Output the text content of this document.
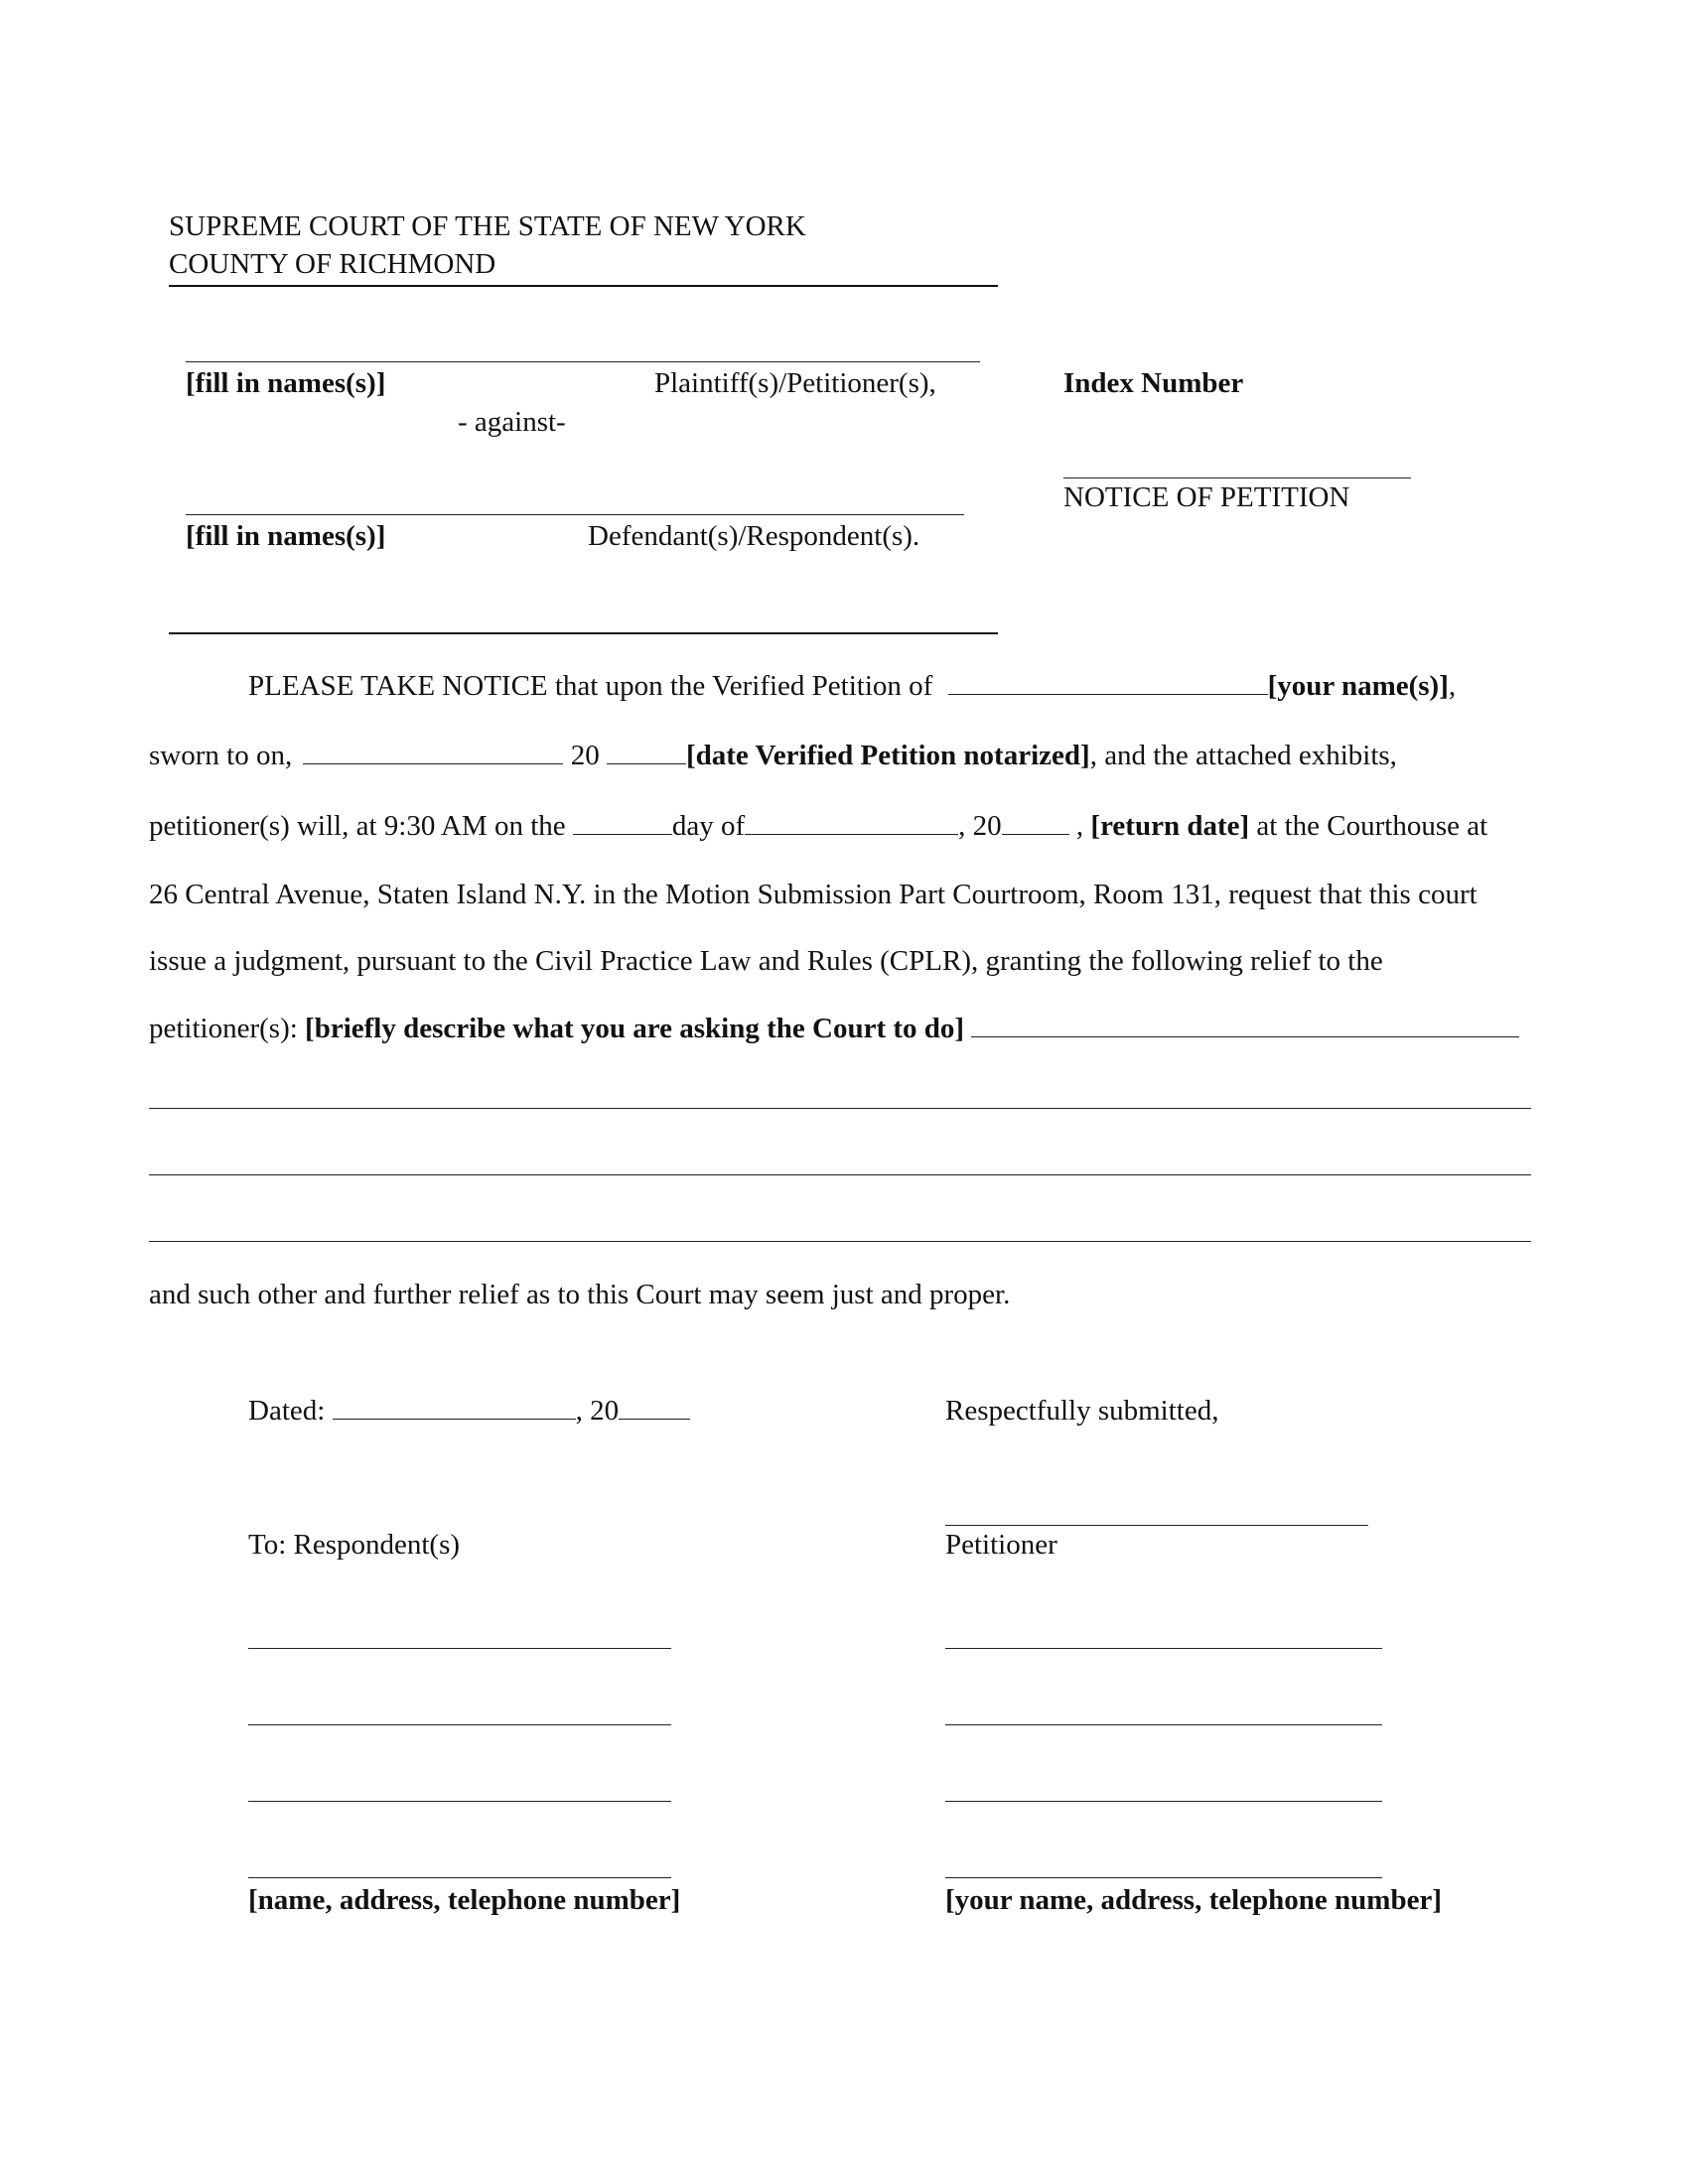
SUPREME COURT OF THE STATE OF NEW YORK
COUNTY OF RICHMOND
[fill in names(s)]	Plaintiff(s)/Petitioner(s),
- against-
[fill in names(s)]	Defendant(s)/Respondent(s).
Index Number
NOTICE OF PETITION
PLEASE TAKE NOTICE that upon the Verified Petition of	[your name(s)],
sworn to on,	20	[date Verified Petition notarized], and the attached exhibits,
petitioner(s) will, at 9:30 AM on the	day of	, 20	, [return date] at the Courthouse at
26 Central Avenue, Staten Island N.Y. in the Motion Submission Part Courtroom, Room 131, request that this court
issue a judgment, pursuant to the Civil Practice Law and Rules (CPLR), granting the following relief to the
petitioner(s): [briefly describe what you are asking the Court to do]
and such other and further relief as to this Court may seem just and proper.
Dated:	, 20	Respectfully submitted,
To: Respondent(s)	Petitioner
[name, address, telephone number]	[your name, address, telephone number]
